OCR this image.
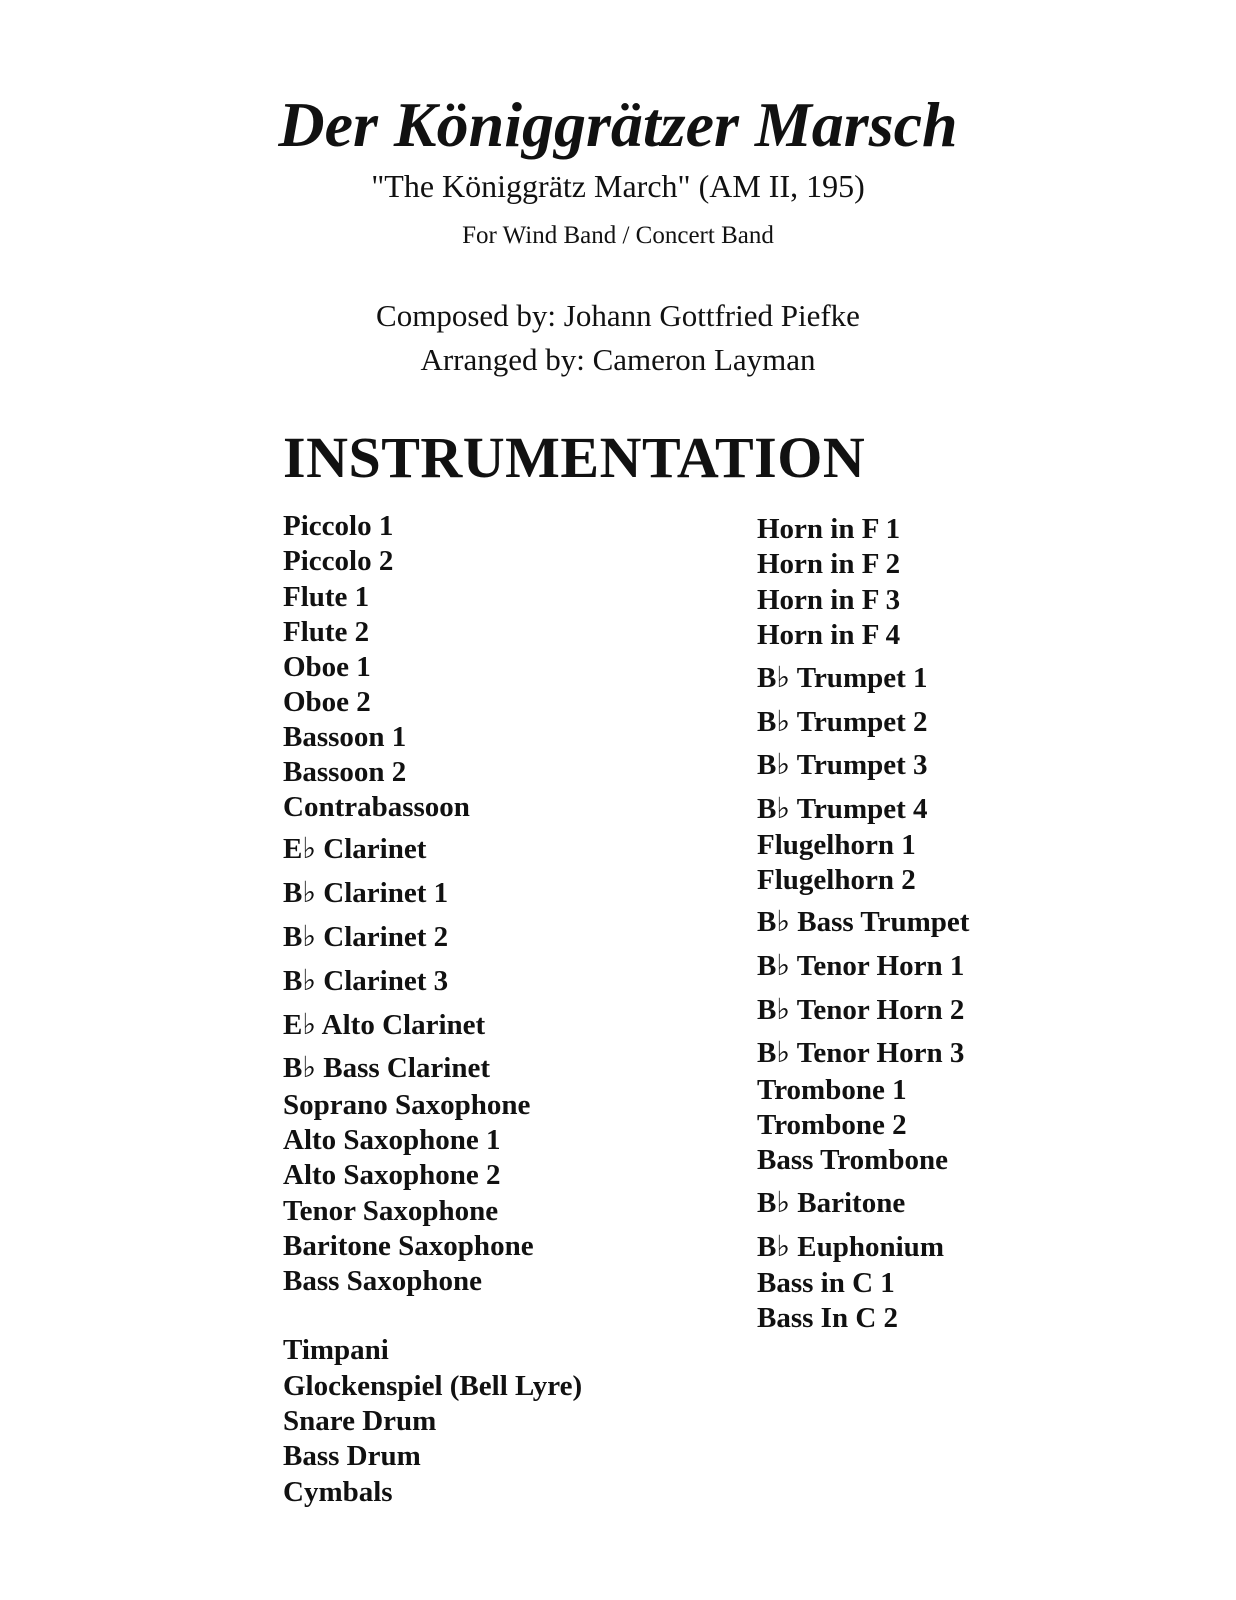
Der Königgrätzer Marsch
"The Königgrätz March" (AM II, 195)
For Wind Band / Concert Band
Composed by: Johann Gottfried Piefke
Arranged by: Cameron Layman
INSTRUMENTATION
Piccolo 1
Piccolo 2
Flute 1
Flute 2
Oboe 1
Oboe 2
Bassoon 1
Bassoon 2
Contrabassoon
E♭ Clarinet
B♭ Clarinet 1
B♭ Clarinet 2
B♭ Clarinet 3
E♭ Alto Clarinet
B♭ Bass Clarinet
Soprano Saxophone
Alto Saxophone 1
Alto Saxophone 2
Tenor Saxophone
Baritone Saxophone
Bass Saxophone
Timpani
Glockenspiel (Bell Lyre)
Snare Drum
Bass Drum
Cymbals
Horn in F 1
Horn in F 2
Horn in F 3
Horn in F 4
B♭ Trumpet 1
B♭ Trumpet 2
B♭ Trumpet 3
B♭ Trumpet 4
Flugelhorn 1
Flugelhorn 2
B♭ Bass Trumpet
B♭ Tenor Horn 1
B♭ Tenor Horn 2
B♭ Tenor Horn 3
Trombone 1
Trombone 2
Bass Trombone
B♭ Baritone
B♭ Euphonium
Bass in C 1
Bass In C 2
